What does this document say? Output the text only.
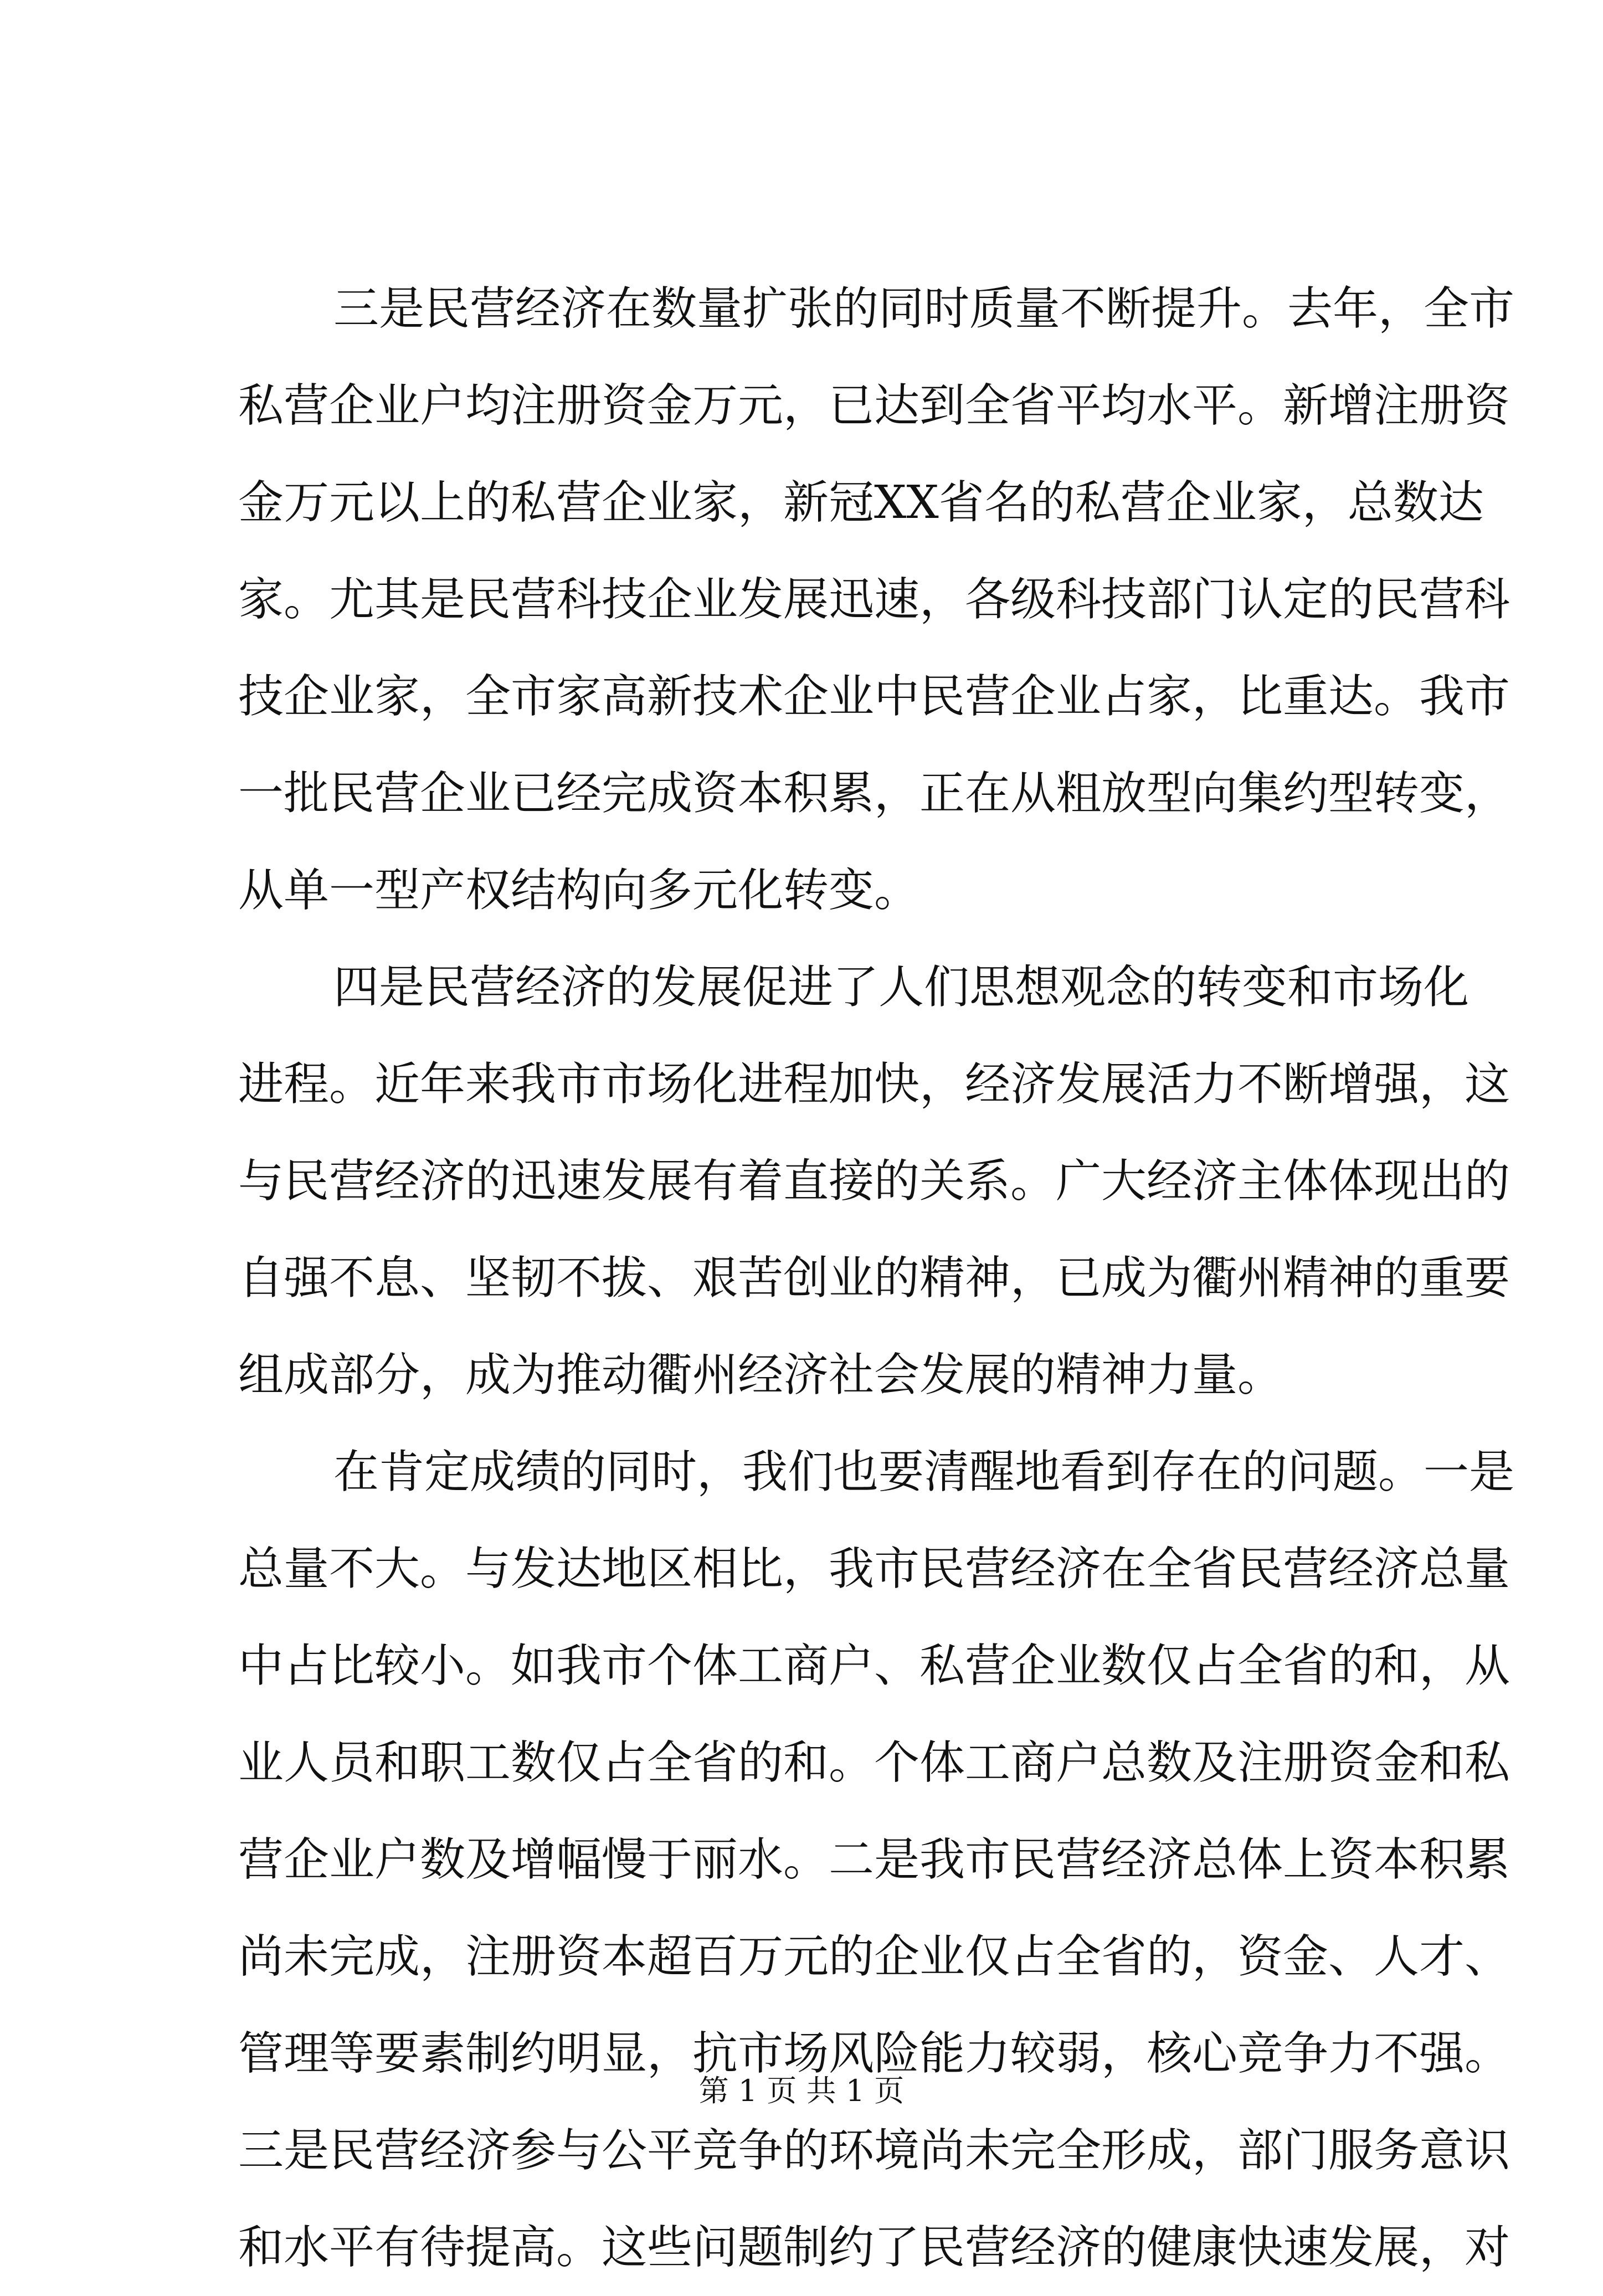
三是民营经济在数量扩张的同时质量不断提升。去年，全市
私营企业户均注册资金万元，已达到全省平均水平。新增注册资
金万元以上的私营企业家，新冠XX省名的私营企业家，总数达
家。尤其是民营科技企业发展迅速，各级科技部门认定的民营科
技企业家，全市家高新技术企业中民营企业占家，比重达。我市
一批民营企业已经完成资本积累，正在从粗放型向集约型转变，
从单一型产权结构向多元化转变。
四是民营经济的发展促进了人们思想观念的转变和市场化
进程。近年来我市市场化进程加快，经济发展活力不断增强，这
与民营经济的迅速发展有着直接的关系。广大经济主体体现出的
自强不息、坚韧不拔、艰苦创业的精神，已成为衢州精神的重要
组成部分，成为推动衢州经济社会发展的精神力量。
在肯定成绩的同时，我们也要清醒地看到存在的问题。一是
总量不大。与发达地区相比，我市民营经济在全省民营经济总量
中占比较小。如我市个体工商户、私营企业数仅占全省的和，从
业人员和职工数仅占全省的和。个体工商户总数及注册资金和私
营企业户数及增幅慢于丽水。二是我市民营经济总体上资本积累
尚未完成，注册资本超百万元的企业仅占全省的，资金、人才、
管理等要素制约明显，抗市场风险能力较弱，核心竞争力不强。
三是民营经济参与公平竞争的环境尚未完全形成，部门服务意识
和水平有待提高。这些问题制约了民营经济的健康快速发展，对
第 1 页 共 1 页
